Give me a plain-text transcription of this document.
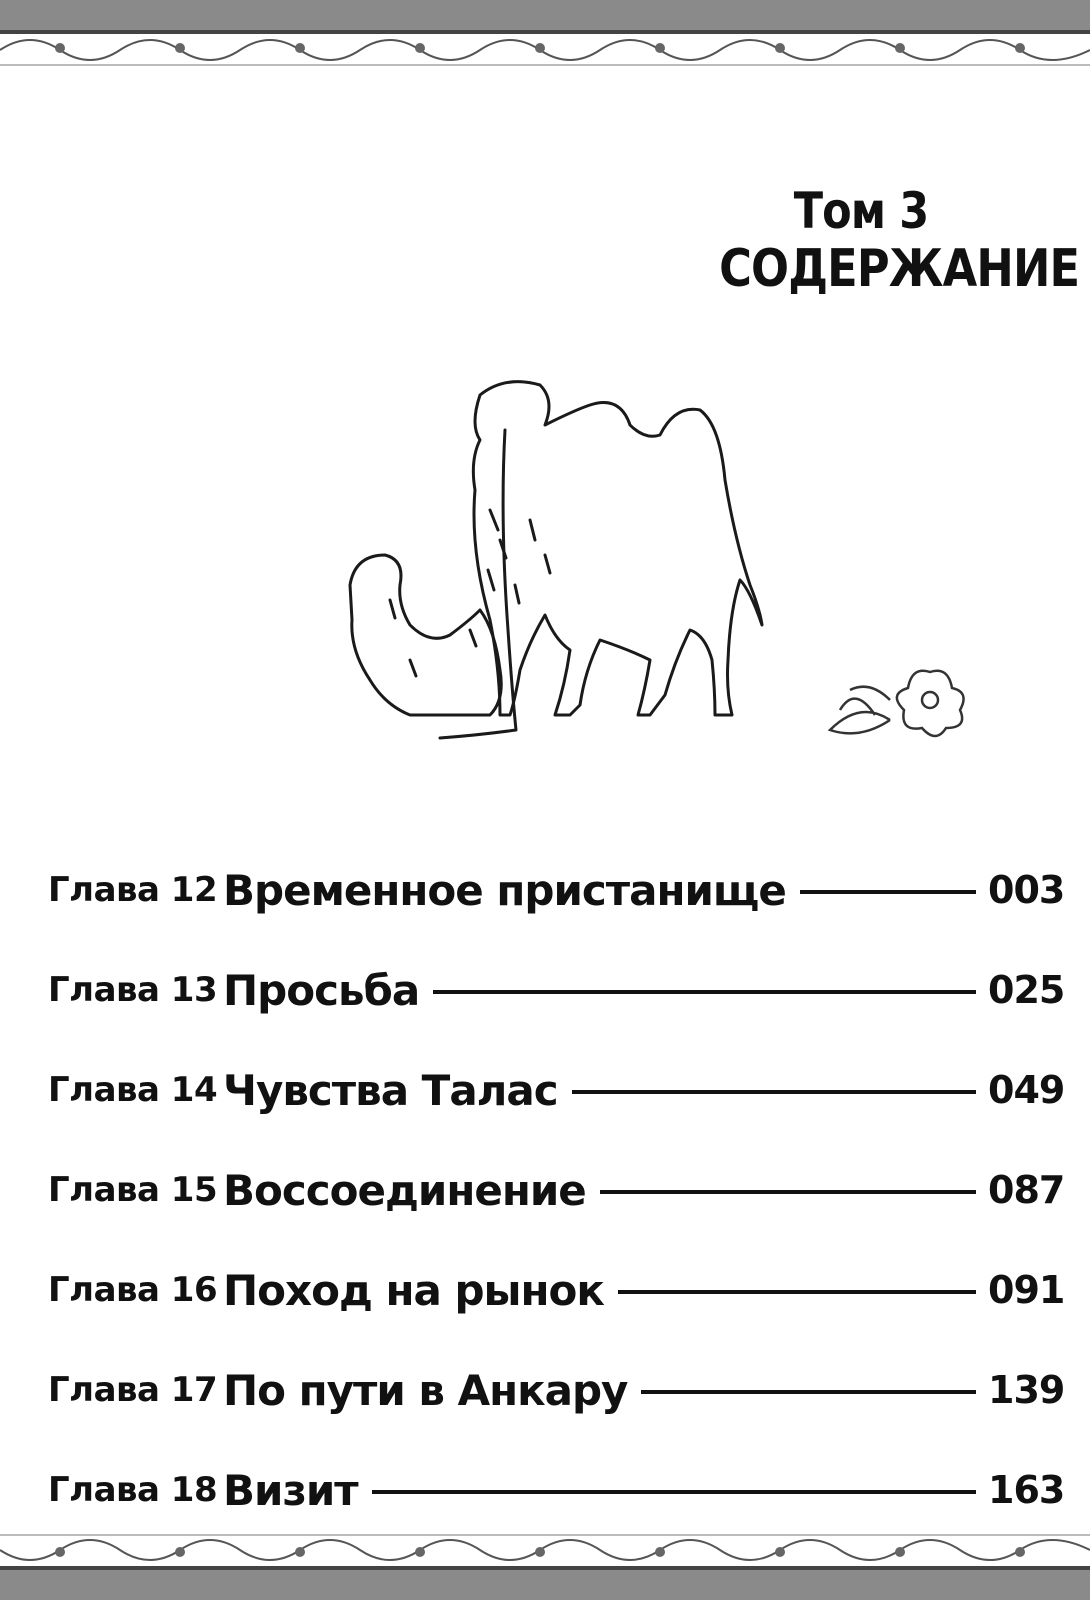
Том 3
СОДЕРЖАНИЕ
Глава 12 Временное пристанище	003
Глава 13 Просьба	025
Глава 14 Чувства Талас	049
Глава 15 Воссоединение	087
Глава 16 Поход на рынок	091
Глава 17 По пути в Анкару	139
Глава 18 Визит	163
